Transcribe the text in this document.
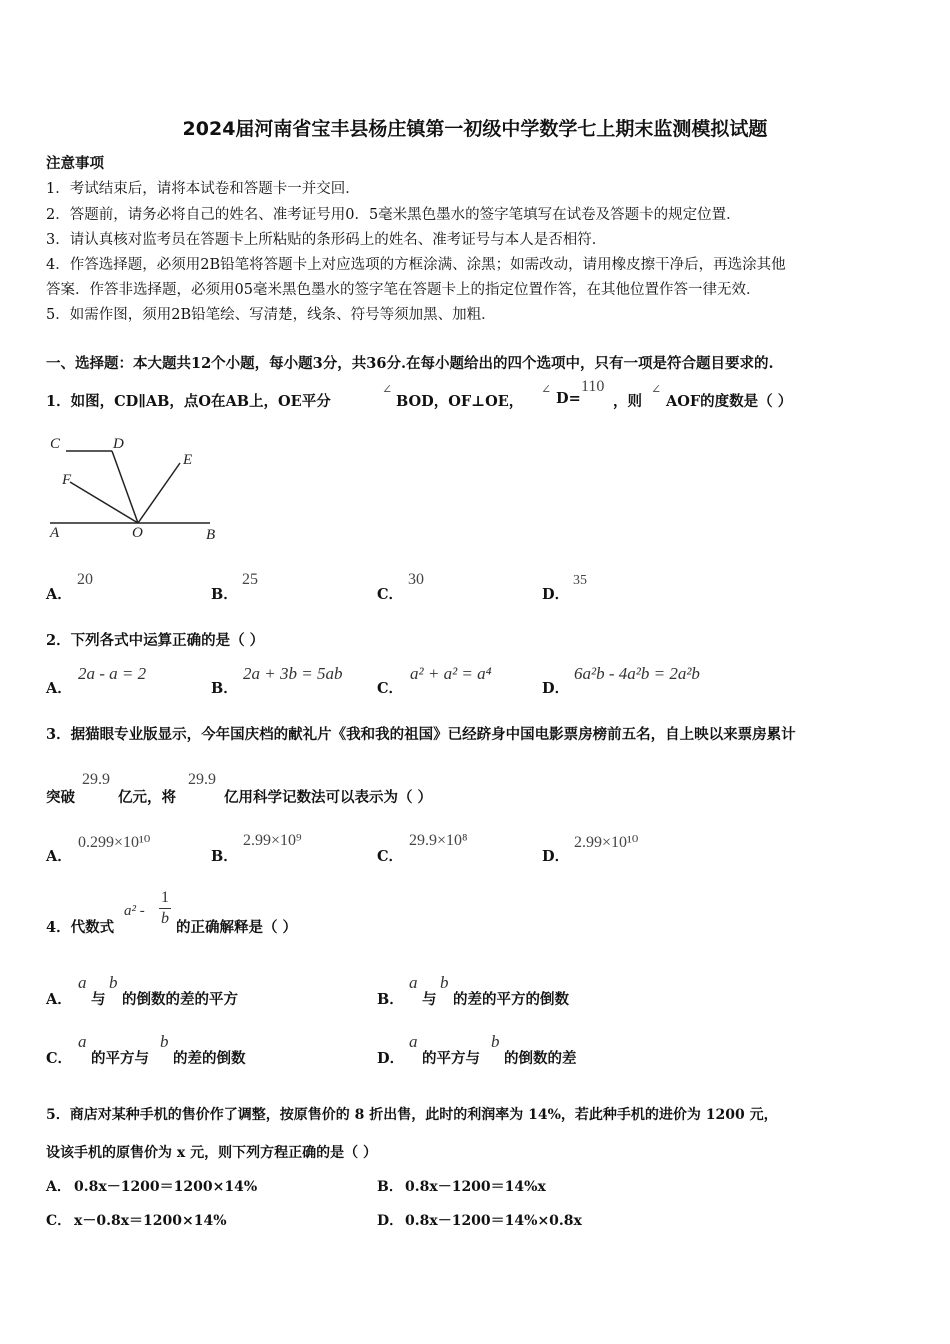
2024届河南省宝丰县杨庄镇第一初级中学数学七上期末监测模拟试题
注意事项
1．考试结束后，请将本试卷和答题卡一并交回．
2．答题前，请务必将自己的姓名、准考证号用0．5毫米黑色墨水的签字笔填写在试卷及答题卡的规定位置．
3．请认真核对监考员在答题卡上所粘贴的条形码上的姓名、准考证号与本人是否相符．
4．作答选择题，必须用2B铅笔将答题卡上对应选项的方框涂满、涂黑；如需改动，请用橡皮擦干净后，再选涂其他
答案．作答非选择题，必须用05毫米黑色墨水的签字笔在答题卡上的指定位置作答，在其他位置作答一律无效．
5．如需作图，须用2B铅笔绘、写清楚，线条、符号等须加黑、加粗．
一、选择题：本大题共12个小题，每小题3分，共36分.在每小题给出的四个选项中，只有一项是符合题目要求的.
1．如图，CD∥AB，点O在AB上，OE平分
∠
BOD，OF⊥OE，
∠
D=
110
，则
∠
AOF的度数是（ ）
C	D
E
F
A	O	B
A．
20
B．
25
C．
30
D．
35
2．下列各式中运算正确的是（ ）
A．
2a - a = 2
B．
2a + 3b = 5ab
C．
a² + a² = a⁴
D．
6a²b - 4a²b = 2a²b
3．据猫眼专业版显示，今年国庆档的献礼片《我和我的祖国》已经跻身中国电影票房榜前五名，自上映以来票房累计
突破
29.9
亿元，将
29.9
亿用科学记数法可以表示为（ ）
A．
0.299×10¹⁰
B．
2.99×10⁹
C．
29.9×10⁸
D．
2.99×10¹⁰
4．代数式
a² -
1
b
的正确解释是（ ）
A．
a
与
b
的倒数的差的平方	B．
a
与
b
的差的平方的倒数
C．
a
的平方与
b
的差的倒数	D．
a
的平方与
b
的倒数的差
5．商店对某种手机的售价作了调整，按原售价的 8 折出售，此时的利润率为 14%，若此种手机的进价为 1200 元，
设该手机的原售价为 x 元，则下列方程正确的是（ ）
A． 0.8x－1200＝1200×14%	B． 0.8x－1200＝14%x
C． x－0.8x＝1200×14%	D． 0.8x－1200＝14%×0.8x
